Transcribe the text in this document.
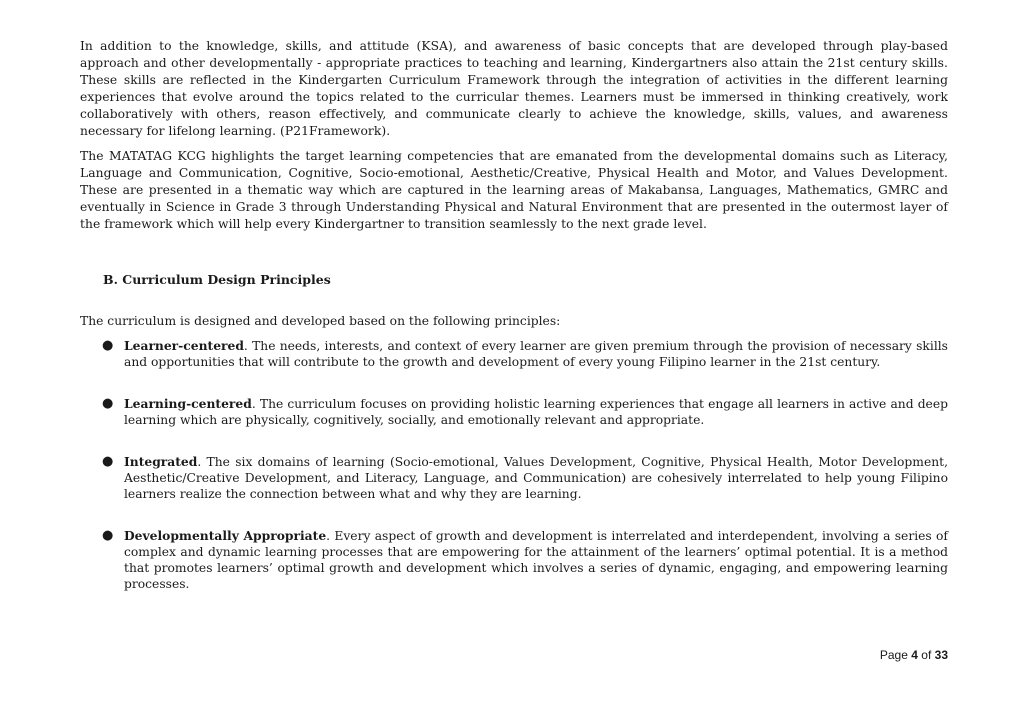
In addition to the knowledge, skills, and attitude (KSA), and awareness of basic concepts that are developed through play-based approach and other developmentally - appropriate practices to teaching and learning, Kindergartners also attain the 21st century skills. These skills are reflected in the Kindergarten Curriculum Framework through the integration of activities in the different learning experiences that evolve around the topics related to the curricular themes. Learners must be immersed in thinking creatively, work collaboratively with others, reason effectively, and communicate clearly to achieve the knowledge, skills, values, and awareness necessary for lifelong learning. (P21Framework).

The MATATAG KCG highlights the target learning competencies that are emanated from the developmental domains such as Literacy, Language and Communication, Cognitive, Socio-emotional, Aesthetic/Creative, Physical Health and Motor, and Values Development. These are presented in a thematic way which are captured in the learning areas of Makabansa, Languages, Mathematics, GMRC and eventually in Science in Grade 3 through Understanding Physical and Natural Environment that are presented in the outermost layer of the framework which will help every Kindergartner to transition seamlessly to the next grade level.

B. Curriculum Design Principles

The curriculum is designed and developed based on the following principles:

● Learner-centered. The needs, interests, and context of every learner are given premium through the provision of necessary skills and opportunities that will contribute to the growth and development of every young Filipino learner in the 21st century.
● Learning-centered. The curriculum focuses on providing holistic learning experiences that engage all learners in active and deep learning which are physically, cognitively, socially, and emotionally relevant and appropriate.
● Integrated. The six domains of learning (Socio-emotional, Values Development, Cognitive, Physical Health, Motor Development, Aesthetic/Creative Development, and Literacy, Language, and Communication) are cohesively interrelated to help young Filipino learners realize the connection between what and why they are learning.
● Developmentally Appropriate. Every aspect of growth and development is interrelated and interdependent, involving a series of complex and dynamic learning processes that are empowering for the attainment of the learners’ optimal potential. It is a method that promotes learners’ optimal growth and development which involves a series of dynamic, engaging, and empowering learning processes.
Page 4 of 33
